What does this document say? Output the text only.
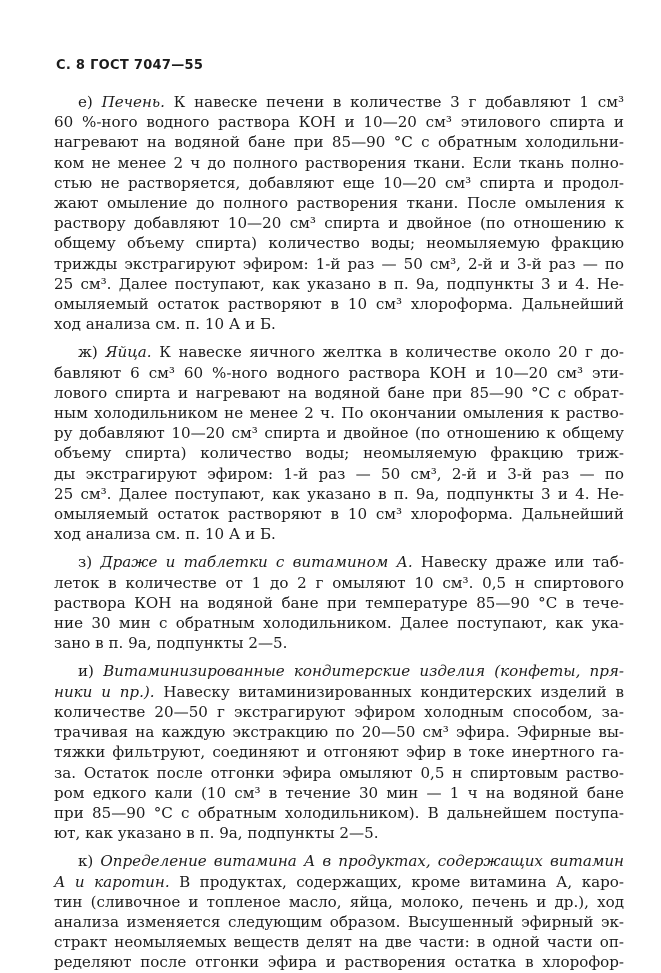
С. 8 ГОСТ 7047—55

е) Печень. К навеске печени в количестве 3 г добавляют 1 см³
60 %-ного водного раствора КОН и 10—20 см³ этилового спирта и
нагревают на водяной бане при 85—90 °С с обратным холодильни-
ком не менее 2 ч до полного растворения ткани. Если ткань полно-
стью не растворяется, добавляют еще 10—20 см³ спирта и продол-
жают омыление до полного растворения ткани. После омыления к
раствору добавляют 10—20 см³ спирта и двойное (по отношению к
общему объему спирта) количество воды; неомыляемую фракцию
трижды экстрагируют эфиром: 1-й раз — 50 см³, 2-й и 3-й раз — по
25 см³. Далее поступают, как указано в п. 9а, подпункты 3 и 4. Не-
омыляемый остаток растворяют в 10 см³ хлороформа. Дальнейший
ход анализа см. п. 10 А и Б.

ж) Яйца. К навеске яичного желтка в количестве около 20 г до-
бавляют 6 см³ 60 %-ного водного раствора КОН и 10—20 см³ эти-
лового спирта и нагревают на водяной бане при 85—90 °С с обрат-
ным холодильником не менее 2 ч. По окончании омыления к раство-
ру добавляют 10—20 см³ спирта и двойное (по отношению к общему
объему спирта) количество воды; неомыляемую фракцию триж-
ды экстрагируют эфиром: 1-й раз — 50 см³, 2-й и 3-й раз — по
25 см³. Далее поступают, как указано в п. 9а, подпункты 3 и 4. Не-
омыляемый остаток растворяют в 10 см³ хлороформа. Дальнейший
ход анализа см. п. 10 А и Б.

з) Драже и таблетки с витамином А. Навеску драже или таб-
леток в количестве от 1 до 2 г омыляют 10 см³. 0,5 н спиртового
раствора КОН на водяной бане при температуре 85—90 °С в тече-
ние 30 мин с обратным холодильником. Далее поступают, как ука-
зано в п. 9а, подпункты 2—5.

и) Витаминизированные кондитерские изделия (конфеты, пря-
ники и пр.). Навеску витаминизированных кондитерских изделий в
количестве 20—50 г экстрагируют эфиром холодным способом, за-
трачивая на каждую экстракцию по 20—50 см³ эфира. Эфирные вы-
тяжки фильтруют, соединяют и отгоняют эфир в токе инертного га-
за. Остаток после отгонки эфира омыляют 0,5 н спиртовым раство-
ром едкого кали (10 см³ в течение 30 мин — 1 ч на водяной бане
при 85—90 °С с обратным холодильником). В дальнейшем поступа-
ют, как указано в п. 9а, подпункты 2—5.

к) Определение витамина А в продуктах, содержащих витамин
А и каротин. В продуктах, содержащих, кроме витамина А, каро-
тин (сливочное и топленое масло, яйца, молоко, печень и др.), ход
анализа изменяется следующим образом. Высушенный эфирный эк-
стракт неомыляемых веществ делят на две части: в одной части оп-
ределяют после отгонки эфира и растворения остатка в хлорофор-
